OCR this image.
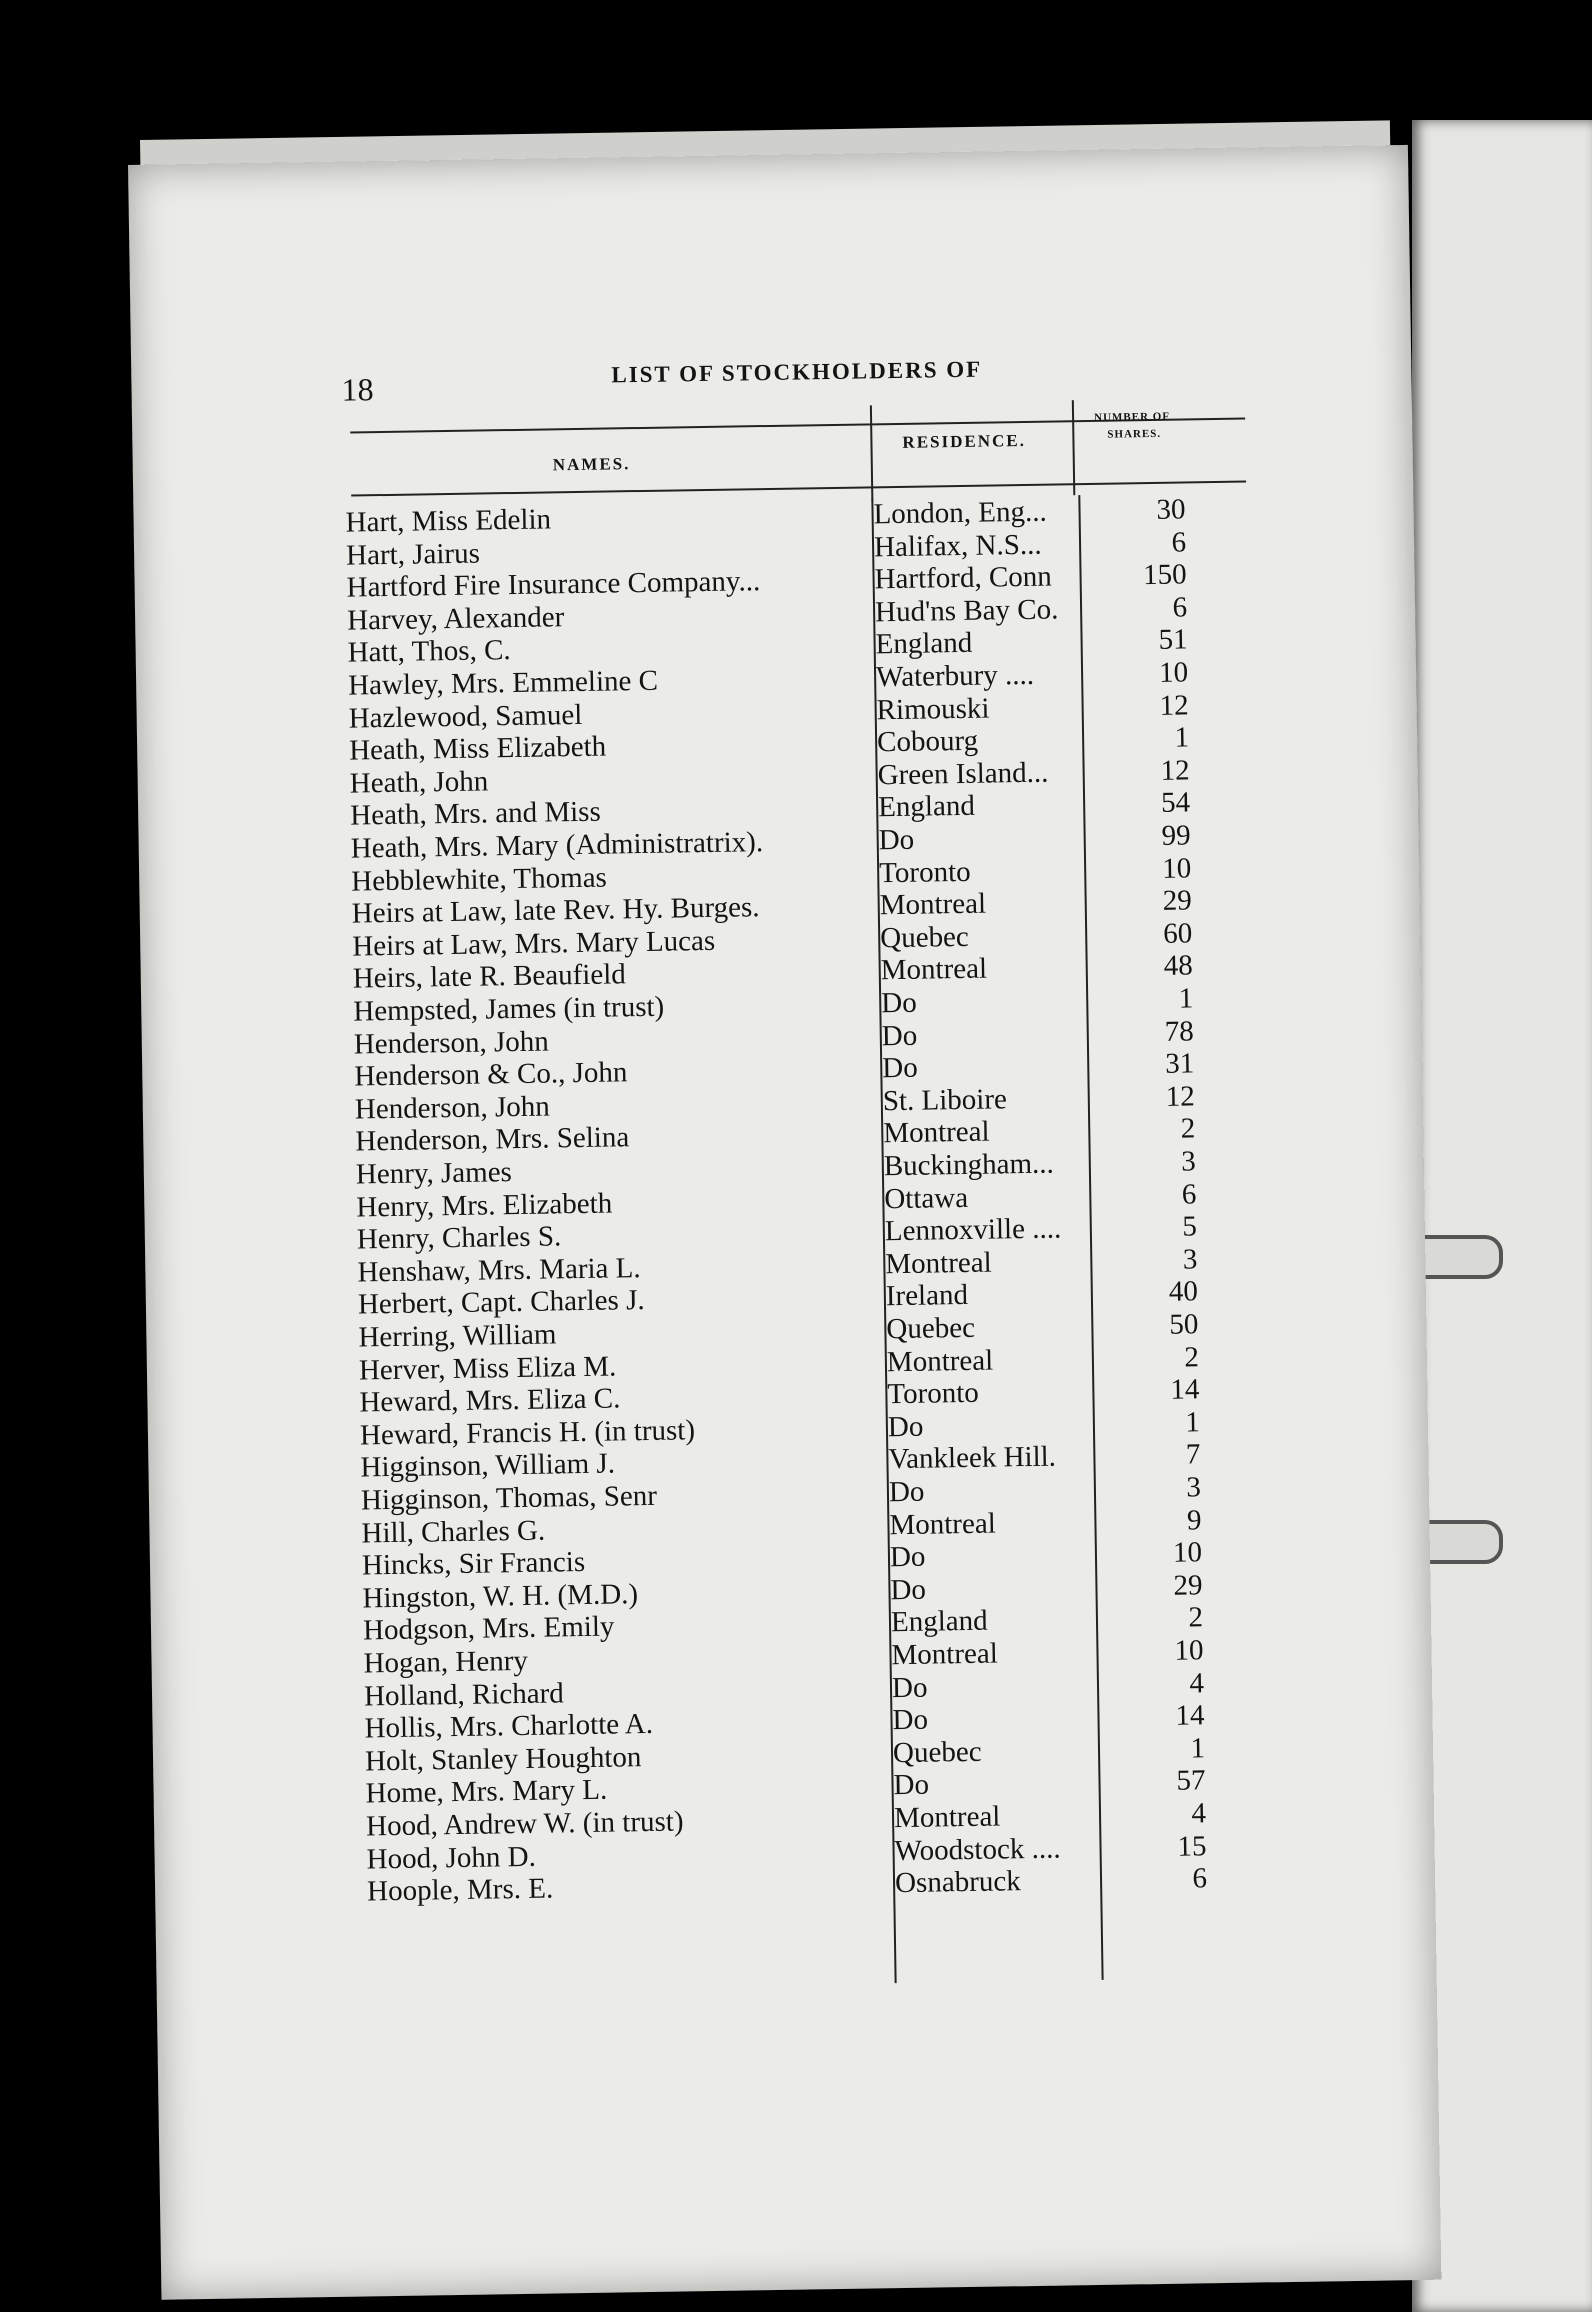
18	LIST OF STOCKHOLDERS OF
NAMES.
RESIDENCE.
NUMBER OF
SHARES.
Hart, Miss Edelin	London, Eng...	30
Hart, Jairus	Halifax, N.S...	6
Hartford Fire Insurance Company...	Hartford, Conn	150
Harvey, Alexander	Hud'ns Bay Co.	6
Hatt, Thos, C.	England	51
Hawley, Mrs. Emmeline C	Waterbury ....	10
Hazlewood, Samuel	Rimouski	12
Heath, Miss Elizabeth	Cobourg	1
Heath, John	Green Island...	12
Heath, Mrs. and Miss	England	54
Heath, Mrs. Mary (Administratrix).	Do	99
Hebblewhite, Thomas	Toronto	10
Heirs at Law, late Rev. Hy. Burges.	Montreal	29
Heirs at Law, Mrs. Mary Lucas	Quebec	60
Heirs, late R. Beaufield	Montreal	48
Hempsted, James (in trust)	Do	1
Henderson, John	Do	78
Henderson & Co., John	Do	31
Henderson, John	St. Liboire	12
Henderson, Mrs. Selina	Montreal	2
Henry, James	Buckingham...	3
Henry, Mrs. Elizabeth	Ottawa	6
Henry, Charles S.	Lennoxville ....	5
Henshaw, Mrs. Maria L.	Montreal	3
Herbert, Capt. Charles J.	Ireland	40
Herring, William	Quebec	50
Herver, Miss Eliza M.	Montreal	2
Heward, Mrs. Eliza C.	Toronto	14
Heward, Francis H. (in trust)	Do	1
Higginson, William J.	Vankleek Hill.	7
Higginson, Thomas, Senr	Do	3
Hill, Charles G.	Montreal	9
Hincks, Sir Francis	Do	10
Hingston, W. H. (M.D.)	Do	29
Hodgson, Mrs. Emily	England	2
Hogan, Henry	Montreal	10
Holland, Richard	Do	4
Hollis, Mrs. Charlotte A.	Do	14
Holt, Stanley Houghton	Quebec	1
Home, Mrs. Mary L.	Do	57
Hood, Andrew W. (in trust)	Montreal	4
Hood, John D.	Woodstock ....	15
Hoople, Mrs. E.	Osnabruck	6
